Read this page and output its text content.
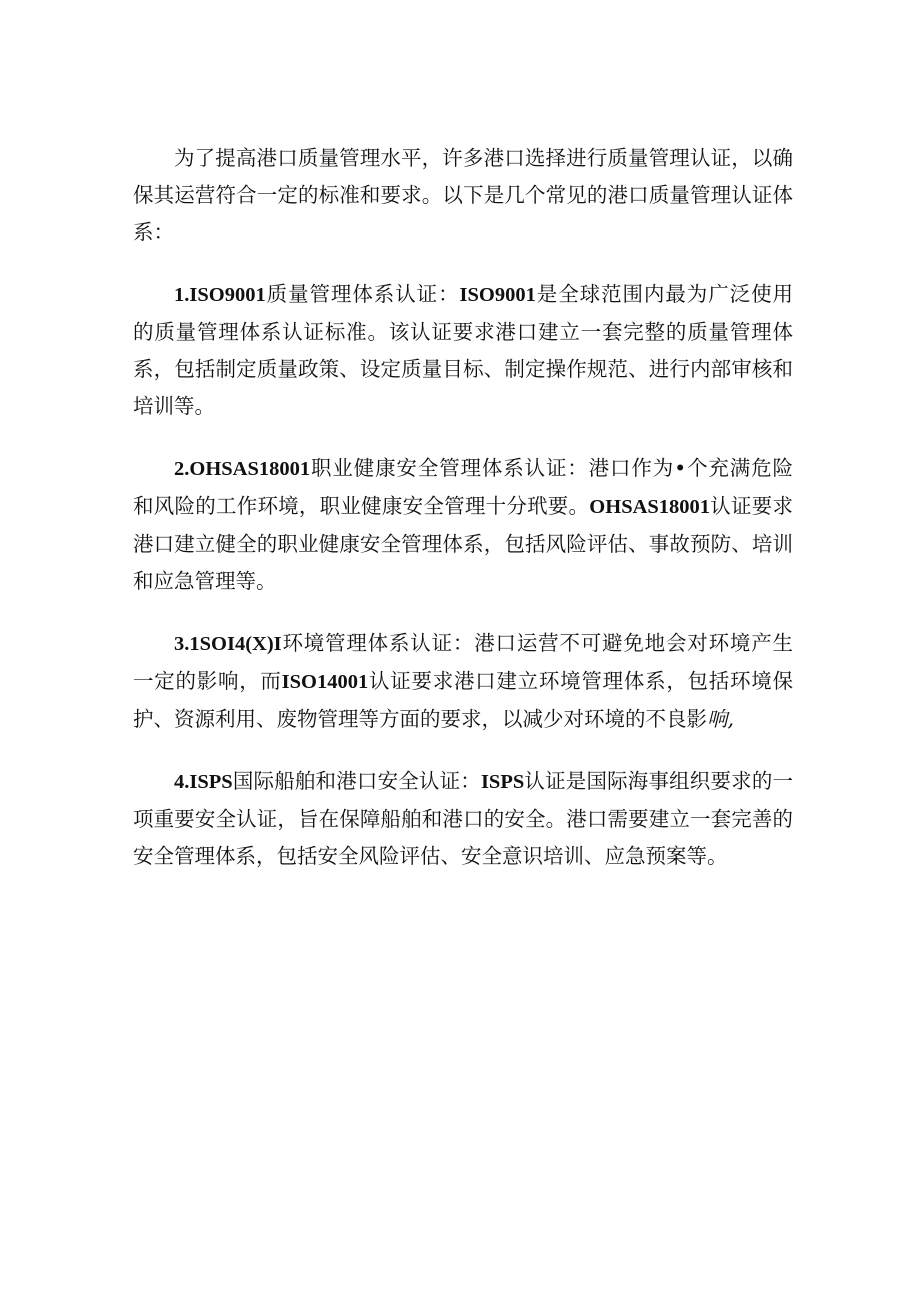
为了提高港口质量管理水平，许多港口选择进行质量管理认证，以确保其运营符合一定的标准和要求。以下是几个常见的港口质量管理认证体系：

1.ISO9001质量管理体系认证：ISO9001是全球范围内最为广泛使用的质量管理体系认证标准。该认证要求港口建立一套完整的质量管理体系，包括制定质量政策、设定质量目标、制定操作规范、进行内部审核和培训等。

2.OHSAS18001职业健康安全管理体系认证：港口作为•个充满危险和风险的工作环境，职业健康安全管理十分玳要。OHSAS18001认证要求港口建立健全的职业健康安全管理体系，包括风险评估、事故预防、培训和应急管理等。

3.1SOI4(X)I环境管理体系认证：港口运营不可避免地会对环境产生一定的影响，而ISO14001认证要求港口建立环境管理体系，包括环境保护、资源利用、废物管理等方面的要求，以减少对环境的不良影响,

4.ISPS国际船舶和港口安全认证：ISPS认证是国际海事组织要求的一项重要安全认证，旨在保障船舶和港口的安全。港口需要建立一套完善的安全管理体系，包括安全风险评估、安全意识培训、应急预案等。
